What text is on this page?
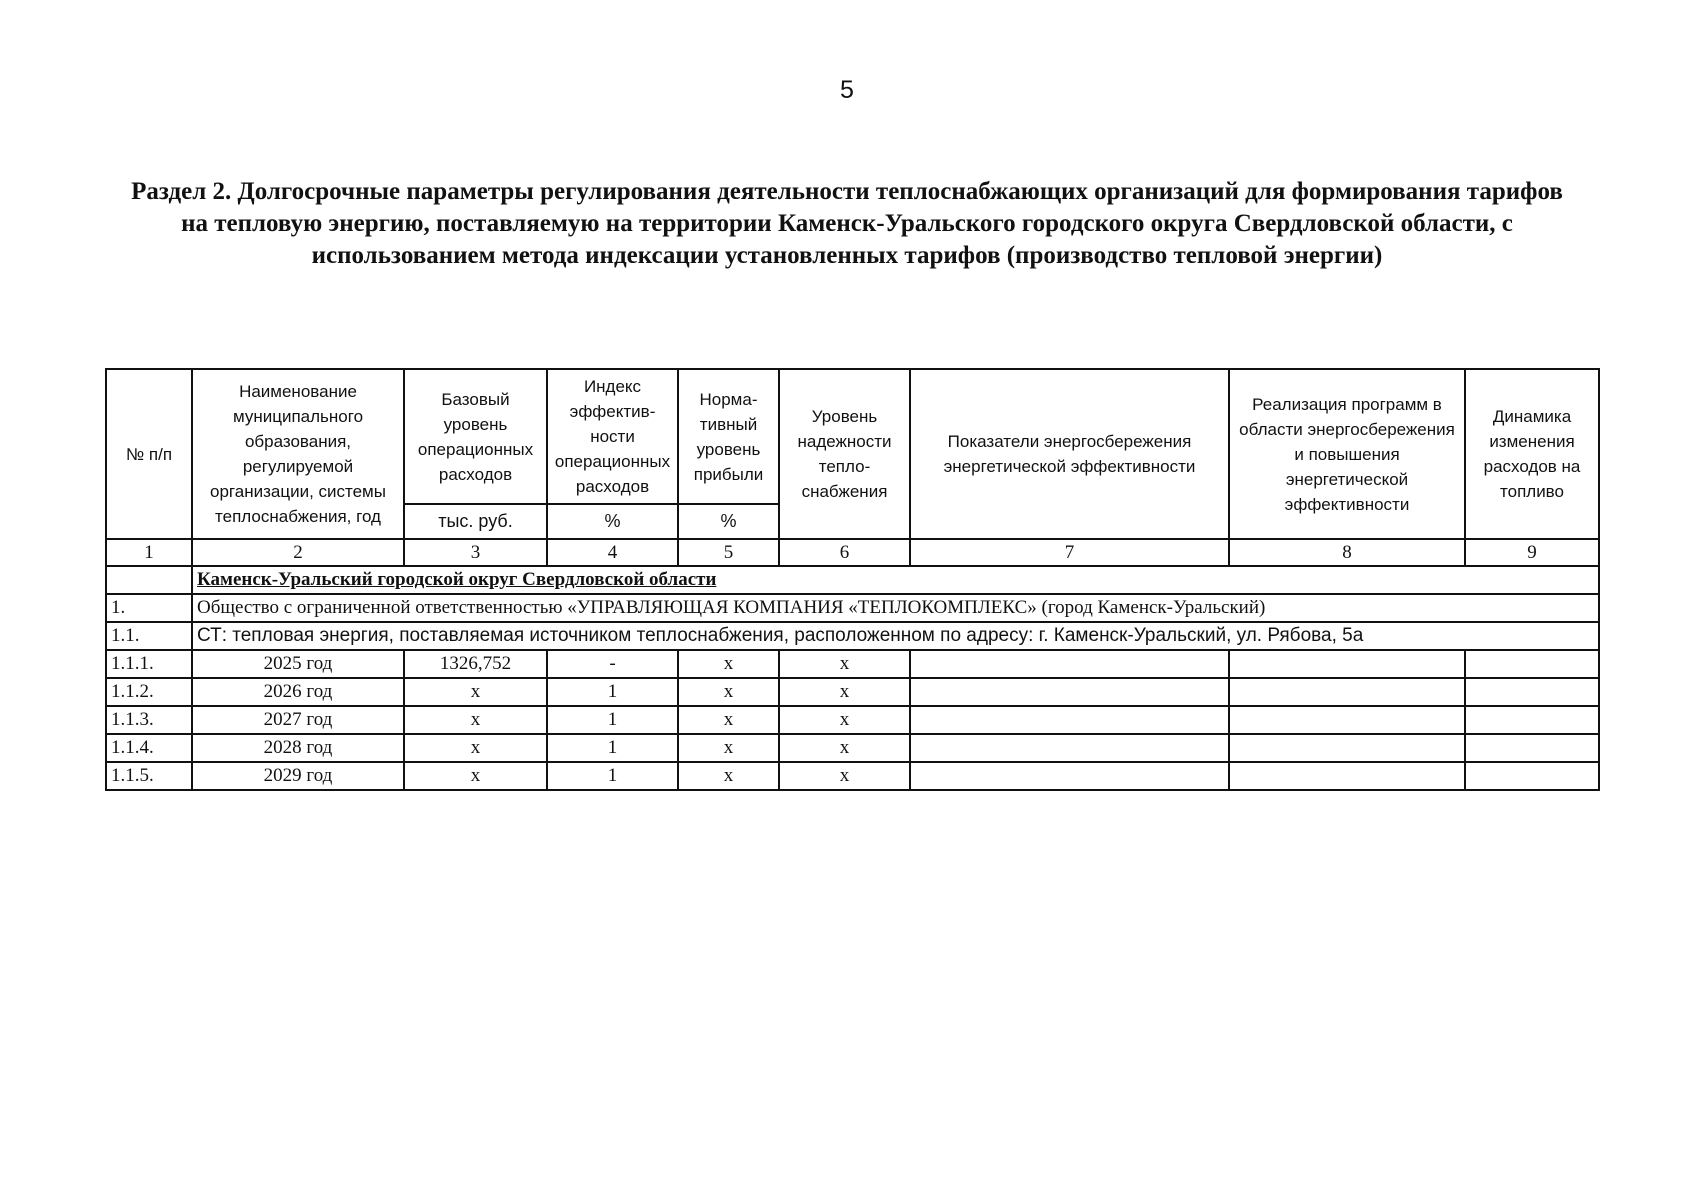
5
Раздел 2. Долгосрочные параметры регулирования деятельности теплоснабжающих организаций для формирования тарифов на тепловую энергию, поставляемую на территории Каменск-Уральского городского округа Свердловской области, с использованием метода индексации установленных тарифов (производство тепловой энергии)
№ п/п	Наименование муниципального образования, регулируемой организации, системы теплоснабжения, год	Базовый уровень операционных расходов	Индекс эффективности операционных расходов	Нормативный уровень прибыли	Уровень надежности теплоснабжения	Показатели энергосбережения энергетической эффективности	Реализация программ в области энергосбережения и повышения энергетической эффективности	Динамика изменения расходов на топливо
		тыс. руб.	%	%				
1	2	3	4	5	6	7	8	9
	Каменск-Уральский городской округ Свердловской области							
1.	Общество с ограниченной ответственностью «УПРАВЛЯЮЩАЯ КОМПАНИЯ «ТЕПЛОКОМПЛЕКС» (город Каменск-Уральский)							
1.1.	СТ: тепловая энергия, поставляемая источником теплоснабжения, расположенном по адресу: г. Каменск-Уральский, ул. Рябова, 5а							
1.1.1.	2025 год	1326,752	-	х	х			
1.1.2.	2026 год	х	1	х	х			
1.1.3.	2027 год	х	1	х	х			
1.1.4.	2028 год	х	1	х	х			
1.1.5.	2029 год	х	1	х	х			
